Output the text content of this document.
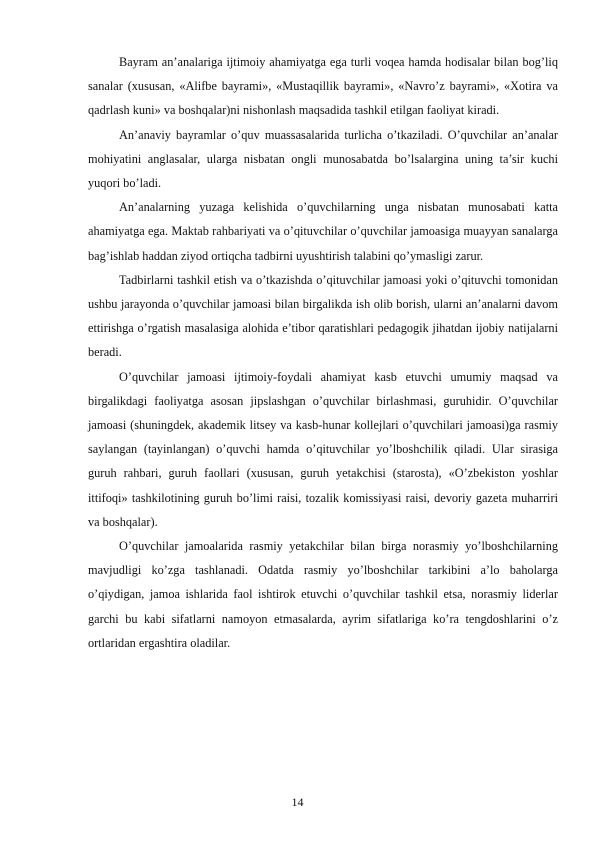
Bayram an’analariga ijtimoiy ahamiyatga ega turli voqea hamda hodisalar bilan bog’liq sanalar (xususan, «Alifbe bayrami», «Mustaqillik bayrami», «Navro’z bayrami», «Xotira va qadrlash kuni» va boshqalar)ni nishonlash maqsadida tashkil etilgan faoliyat kiradi.

An’anaviy bayramlar o’quv muassasalarida turlicha o’tkaziladi. O’quvchilar an’analar mohiyatini anglasalar, ularga nisbatan ongli munosabatda bo’lsalargina uning ta’sir kuchi yuqori bo’ladi.

An’analarning yuzaga kelishida o’quvchilarning unga nisbatan munosabati katta ahamiyatga ega. Maktab rahbariyati va o’qituvchilar o’quvchilar jamoasiga muayyan sanalarga bag’ishlab haddan ziyod ortiqcha tadbirni uyushtirish talabini qo’ymasligi zarur.

Tadbirlarni tashkil etish va o’tkazishda o’qituvchilar jamoasi yoki o’qituvchi tomonidan ushbu jarayonda o’quvchilar jamoasi bilan birgalikda ish olib borish, ularni an’analarni davom ettirishga o’rgatish masalasiga alohida e’tibor qaratishlari pedagogik jihatdan ijobiy natijalarni beradi.

O’quvchilar jamoasi ijtimoiy-foydali ahamiyat kasb etuvchi umumiy maqsad va birgalikdagi faoliyatga asosan jipslashgan o’quvchilar birlashmasi, guruhidir. O’quvchilar jamoasi (shuningdek, akademik litsey va kasb-hunar kollejlari o’quvchilari jamoasi)ga rasmiy saylangan (tayinlangan) o’quvchi hamda o’qituvchilar yo’lboshchilik qiladi. Ular sirasiga guruh rahbari, guruh faollari (xususan, guruh yetakchisi (starosta), «O’zbekiston yoshlar ittifoqi» tashkilotining guruh bo’limi raisi, tozalik komissiyasi raisi, devoriy gazeta muharriri va boshqalar).

O’quvchilar jamoalarida rasmiy yetakchilar bilan birga norasmiy yo’lboshchilarning mavjudligi ko’zga tashlanadi. Odatda rasmiy yo’lboshchilar tarkibini a’lo baholarga o’qiydigan, jamoa ishlarida faol ishtirok etuvchi o’quvchilar tashkil etsa, norasmiy liderlar garchi bu kabi sifatlarni namoyon etmasalarda, ayrim sifatlariga ko’ra tengdoshlarini o’z ortlaridan ergashtira oladilar.

14
